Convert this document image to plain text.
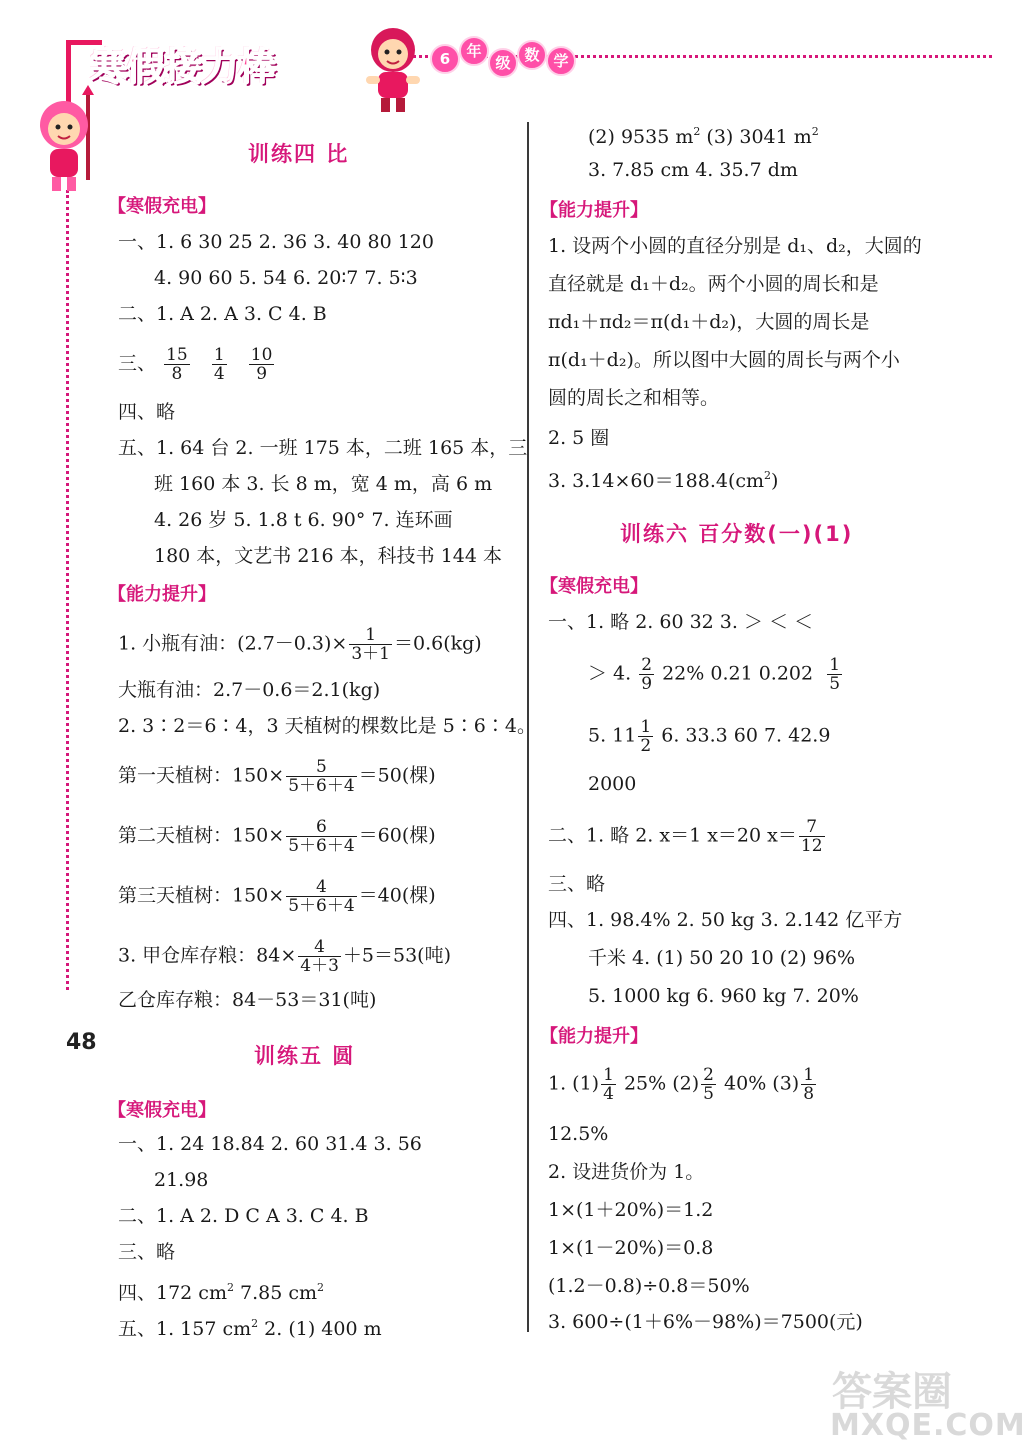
寒假接力棒	6	年
级 数 学
48
训练四 比
【寒假充电】
一、1. 6 30 25 2. 36 3. 40 80 120
4. 90 60 5. 54 6. 20∶7 7. 5∶3
二、1. A 2. A 3. C 4. B
三、 $\frac{15}{8}$
$\frac{1}{4}$
$\frac{10}{9}$
四、略
五、1. 64 台 2. 一班 175 本，二班 165 本，三
班 160 本 3. 长 8 m，宽 4 m，高 6 m
4. 26 岁 5. 1.8 t 6. 90° 7. 连环画
180 本，文艺书 216 本，科技书 144 本
【能力提升】
1. 小瓶有油：$(2.7-0.3)\times \frac{1}{3+1} =0.6(kg)$
大瓶有油：2.7－0.6＝2.1(kg)
2. 3∶2＝6∶4，3 天植树的棵数比是 5∶6∶4。
第一天植树：$150\times \frac{5}{5+6+4} =50$(棵)
第二天植树：$150\times \frac{6}{5+6+4} =60$(棵)
第三天植树：$150\times \frac{4}{5+6+4} =40$(棵)
3. 甲仓库存粮：$84\times \frac{4}{4+3} +5=53$(吨)
乙仓库存粮：84－53＝31(吨)
训练五 圆
【寒假充电】
一、1. 24 18.84 2. 60 31.4 3. 56
21.98
二、1. A 2. D C A 3. C 4. B
三、略
四、172 $cm^2$ 7.85 $cm^2$
五、1. 157 $cm^2$ 2. (1) 400 m
(2) 9535 $m^2$ (3) 3041 $m^2$
3. 7.85 cm 4. 35.7 dm
【能力提升】
1. 设两个小圆的直径分别是 d₁、d₂，大圆的
直径就是 d₁＋d₂。两个小圆的周长和是
πd₁＋πd₂＝π(d₁＋d₂)，大圆的周长是
π(d₁＋d₂)。所以图中大圆的周长与两个小
圆的周长之和相等。
2. 5 圈
3. $3.14\times 60=188.4(cm^2)$
训练六 百分数(一)(1)
【寒假充电】
一、1. 略 2. 60 32 3. ＞ ＜ ＜
＞ 4. $\frac{2}{9} 22\%$ 0.21 $0.202 \frac{1}{5}$
5. $11 \frac{1}{2} 6$. 33.3 60 7. 42.9
2000
二、1. 略 2. x＝1 x＝20 $x= \frac{7}{12}$
三、略
四、1. 98.4% 2. 50 kg 3. 2.142 亿平方
千米 4. (1) 50 20 10 (2) 96%
5. 1000 kg 6. 960 kg 7. 20%
【能力提升】
1. $(1) \frac{1}{4} 25\%$ $(2) \frac{2}{5} 40\%$ $(3) \frac{1}{8}$
12.5%
2. 设进货价为 1。
1×(1＋20%)＝1.2
1×(1－20%)＝0.8
(1.2－0.8)÷0.8＝50%
3. 600÷(1＋6%－98%)＝7500(元)
答案圈
MXQE.COM
